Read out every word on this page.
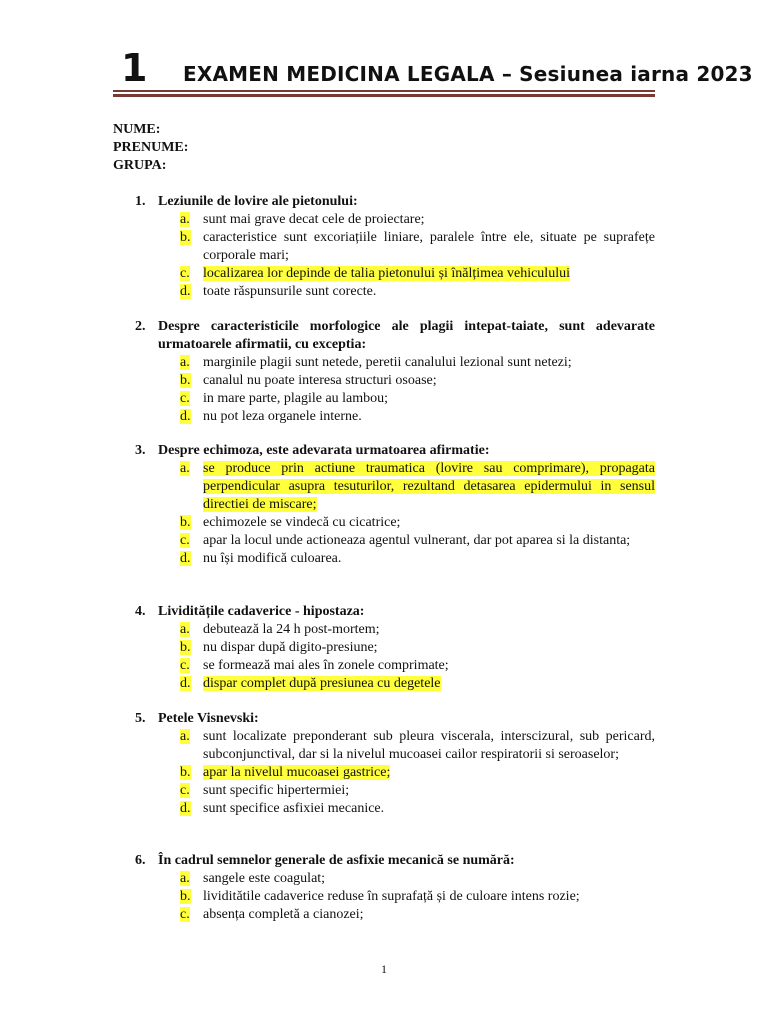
1 EXAMEN MEDICINA LEGALA – Sesiunea iarna 2023
NUME:
PRENUME:
GRUPA:
1. Leziunile de lovire ale pietonului:
a. sunt mai grave decat cele de proiectare;
b. caracteristice sunt excoriațiile liniare, paralele între ele, situate pe suprafețe corporale mari;
c. localizarea lor depinde de talia pietonului și înălțimea vehiculului
d. toate răspunsurile sunt corecte.
2. Despre caracteristicile morfologice ale plagii intepat-taiate, sunt adevarate urmatoarele afirmatii, cu exceptia:
a. marginile plagii sunt netede, peretii canalului lezional sunt netezi;
b. canalul nu poate interesa structuri osoase;
c. in mare parte, plagile au lambou;
d. nu pot leza organele interne.
3. Despre echimoza, este adevarata urmatoarea afirmatie:
a. se produce prin actiune traumatica (lovire sau comprimare), propagata perpendicular asupra tesuturilor, rezultand detasarea epidermului in sensul directiei de miscare;
b. echimozele se vindecă cu cicatrice;
c. apar la locul unde actioneaza agentul vulnerant, dar pot aparea si la distanta;
d. nu își modifică culoarea.
4. Lividitățile cadaverice - hipostaza:
a. debutează la 24 h post-mortem;
b. nu dispar după digito-presiune;
c. se formează mai ales în zonele comprimate;
d. dispar complet după presiunea cu degetele
5. Petele Visnevski:
a. sunt localizate preponderant sub pleura viscerala, interscizural, sub pericard, subconjunctival, dar si la nivelul mucoasei cailor respiratorii si seroaselor;
b. apar la nivelul mucoasei gastrice;
c. sunt specific hipertermiei;
d. sunt specifice asfixiei mecanice.
6. În cadrul semnelor generale de asfixie mecanică se numără:
a. sangele este coagulat;
b. lividitătile cadaverice reduse în suprafață și de culoare intens rozie;
c. absența completă a cianozei;
1
